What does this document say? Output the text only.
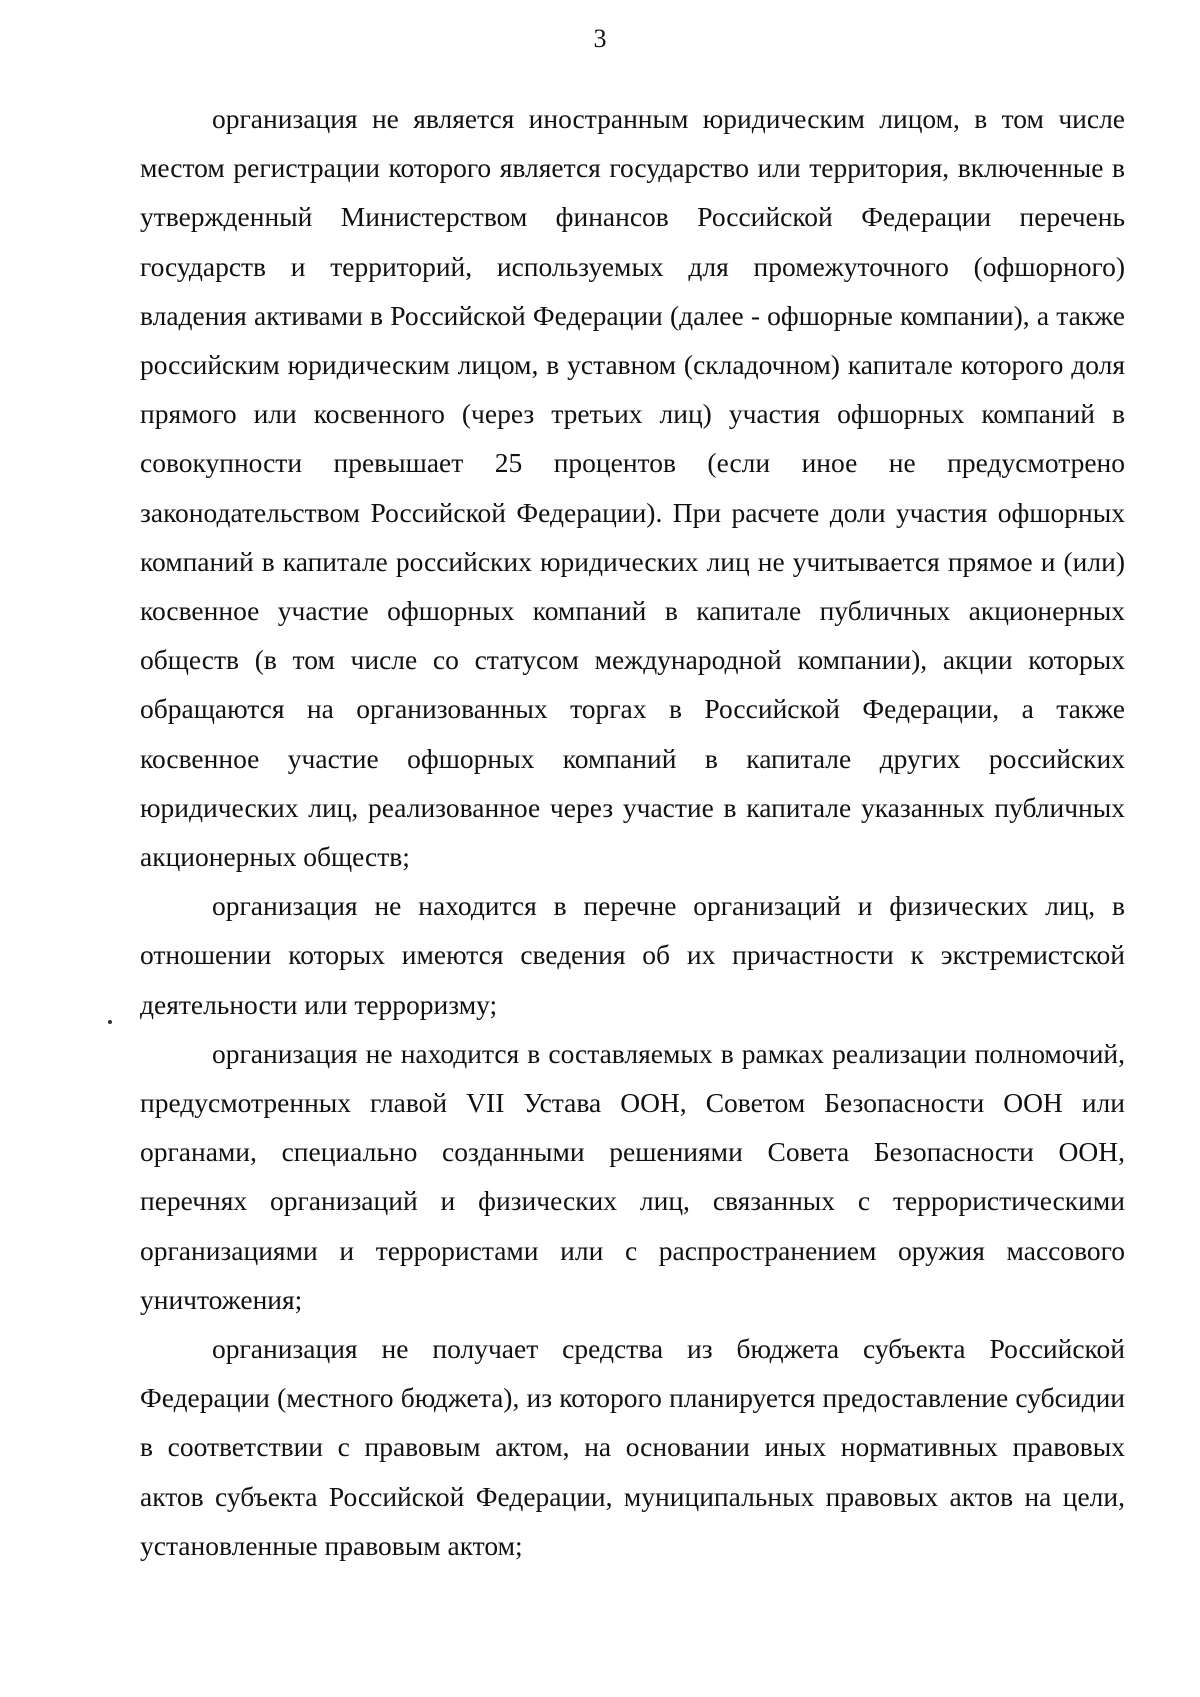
3

организация не является иностранным юридическим лицом, в том числе местом регистрации которого является государство или территория, включенные в утвержденный Министерством финансов Российской Федерации перечень государств и территорий, используемых для промежуточного (офшорного) владения активами в Российской Федерации (далее - офшорные компании), а также российским юридическим лицом, в уставном (складочном) капитале которого доля прямого или косвенного (через третьих лиц) участия офшорных компаний в совокупности превышает 25 процентов (если иное не предусмотрено законодательством Российской Федерации). При расчете доли участия офшорных компаний в капитале российских юридических лиц не учитывается прямое и (или) косвенное участие офшорных компаний в капитале публичных акционерных обществ (в том числе со статусом международной компании), акции которых обращаются на организованных торгах в Российской Федерации, а также косвенное участие офшорных компаний в капитале других российских юридических лиц, реализованное через участие в капитале указанных публичных акционерных обществ;

организация не находится в перечне организаций и физических лиц, в отношении которых имеются сведения об их причастности к экстремистской деятельности или терроризму;

организация не находится в составляемых в рамках реализации полномочий, предусмотренных главой VII Устава ООН, Советом Безопасности ООН или органами, специально созданными решениями Совета Безопасности ООН, перечнях организаций и физических лиц, связанных с террористическими организациями и террористами или с распространением оружия массового уничтожения;

организация не получает средства из бюджета субъекта Российской Федерации (местного бюджета), из которого планируется предоставление субсидии в соответствии с правовым актом, на основании иных нормативных правовых актов субъекта Российской Федерации, муниципальных правовых актов на цели, установленные правовым актом;
